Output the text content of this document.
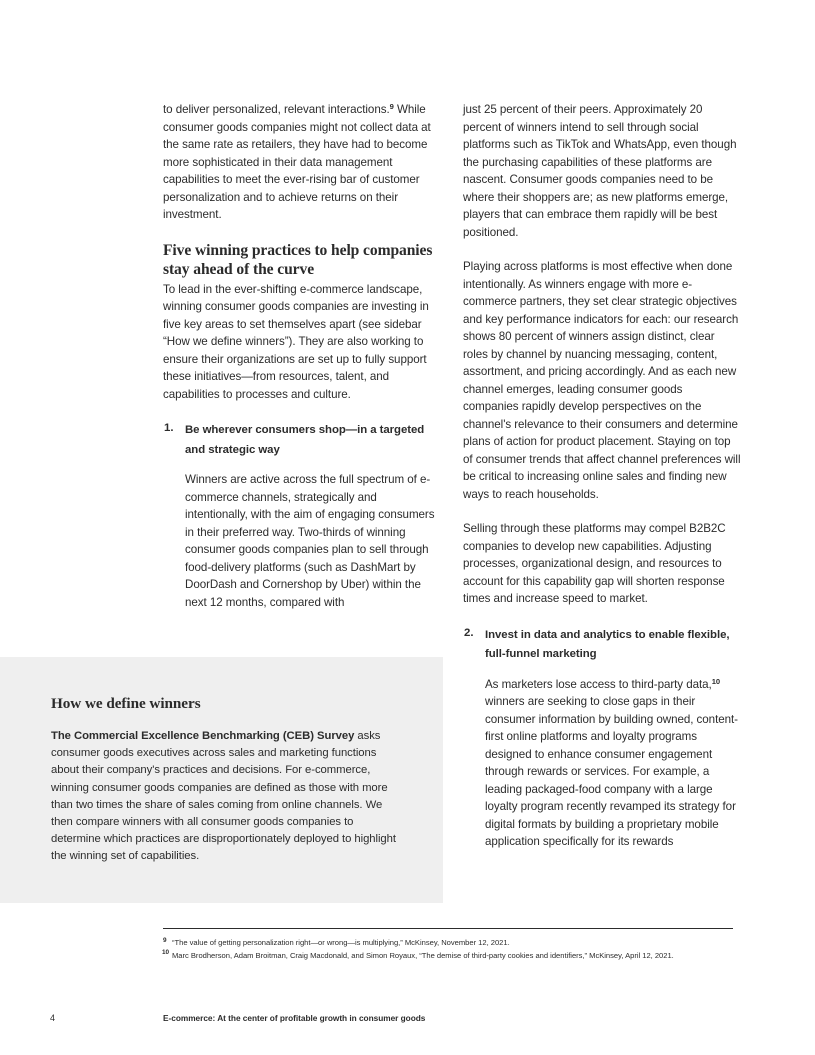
to deliver personalized, relevant interactions.$^9$ While consumer goods companies might not collect data at the same rate as retailers, they have had to become more sophisticated in their data management capabilities to meet the ever-rising bar of customer personalization and to achieve returns on their investment.

Five winning practices to help companies stay ahead of the curve

To lead in the ever-shifting e-commerce landscape, winning consumer goods companies are investing in five key areas to set themselves apart (see sidebar “How we define winners”). They are also working to ensure their organizations are set up to fully support these initiatives—from resources, talent, and capabilities to processes and culture.

1. Be wherever consumers shop—in a targeted and strategic way

Winners are active across the full spectrum of e-commerce channels, strategically and intentionally, with the aim of engaging consumers in their preferred way. Two-thirds of winning consumer goods companies plan to sell through food-delivery platforms (such as DashMart by DoorDash and Cornershop by Uber) within the next 12 months, compared with

just 25 percent of their peers. Approximately 20 percent of winners intend to sell through social platforms such as TikTok and WhatsApp, even though the purchasing capabilities of these platforms are nascent. Consumer goods companies need to be where their shoppers are; as new platforms emerge, players that can embrace them rapidly will be best positioned.

Playing across platforms is most effective when done intentionally. As winners engage with more e-commerce partners, they set clear strategic objectives and key performance indicators for each: our research shows 80 percent of winners assign distinct, clear roles by channel by nuancing messaging, content, assortment, and pricing accordingly. And as each new channel emerges, leading consumer goods companies rapidly develop perspectives on the channel's relevance to their consumers and determine plans of action for product placement. Staying on top of consumer trends that affect channel preferences will be critical to increasing online sales and finding new ways to reach households.

Selling through these platforms may compel B2B2C companies to develop new capabilities. Adjusting processes, organizational design, and resources to account for this capability gap will shorten response times and increase speed to market.

2. Invest in data and analytics to enable flexible, full-funnel marketing

As marketers lose access to third-party data,$^{10}$ winners are seeking to close gaps in their consumer information by building owned, content-first online platforms and loyalty programs designed to enhance consumer engagement through rewards or services. For example, a leading packaged-food company with a large loyalty program recently revamped its strategy for digital formats by building a proprietary mobile application specifically for its rewards

How we define winners

The Commercial Excellence Benchmarking (CEB) Survey asks consumer goods executives across sales and marketing functions about their company's practices and decisions. For e-commerce, winning consumer goods companies are defined as those with more than two times the share of sales coming from online channels. We then compare winners with all consumer goods companies to determine which practices are disproportionately deployed to highlight the winning set of capabilities.

9 “The value of getting personalization right—or wrong—is multiplying,” McKinsey, November 12, 2021.
10 Marc Brodherson, Adam Broitman, Craig Macdonald, and Simon Royaux, “The demise of third-party cookies and identifiers,” McKinsey, April 12, 2021.
4	E-commerce: At the center of profitable growth in consumer goods
